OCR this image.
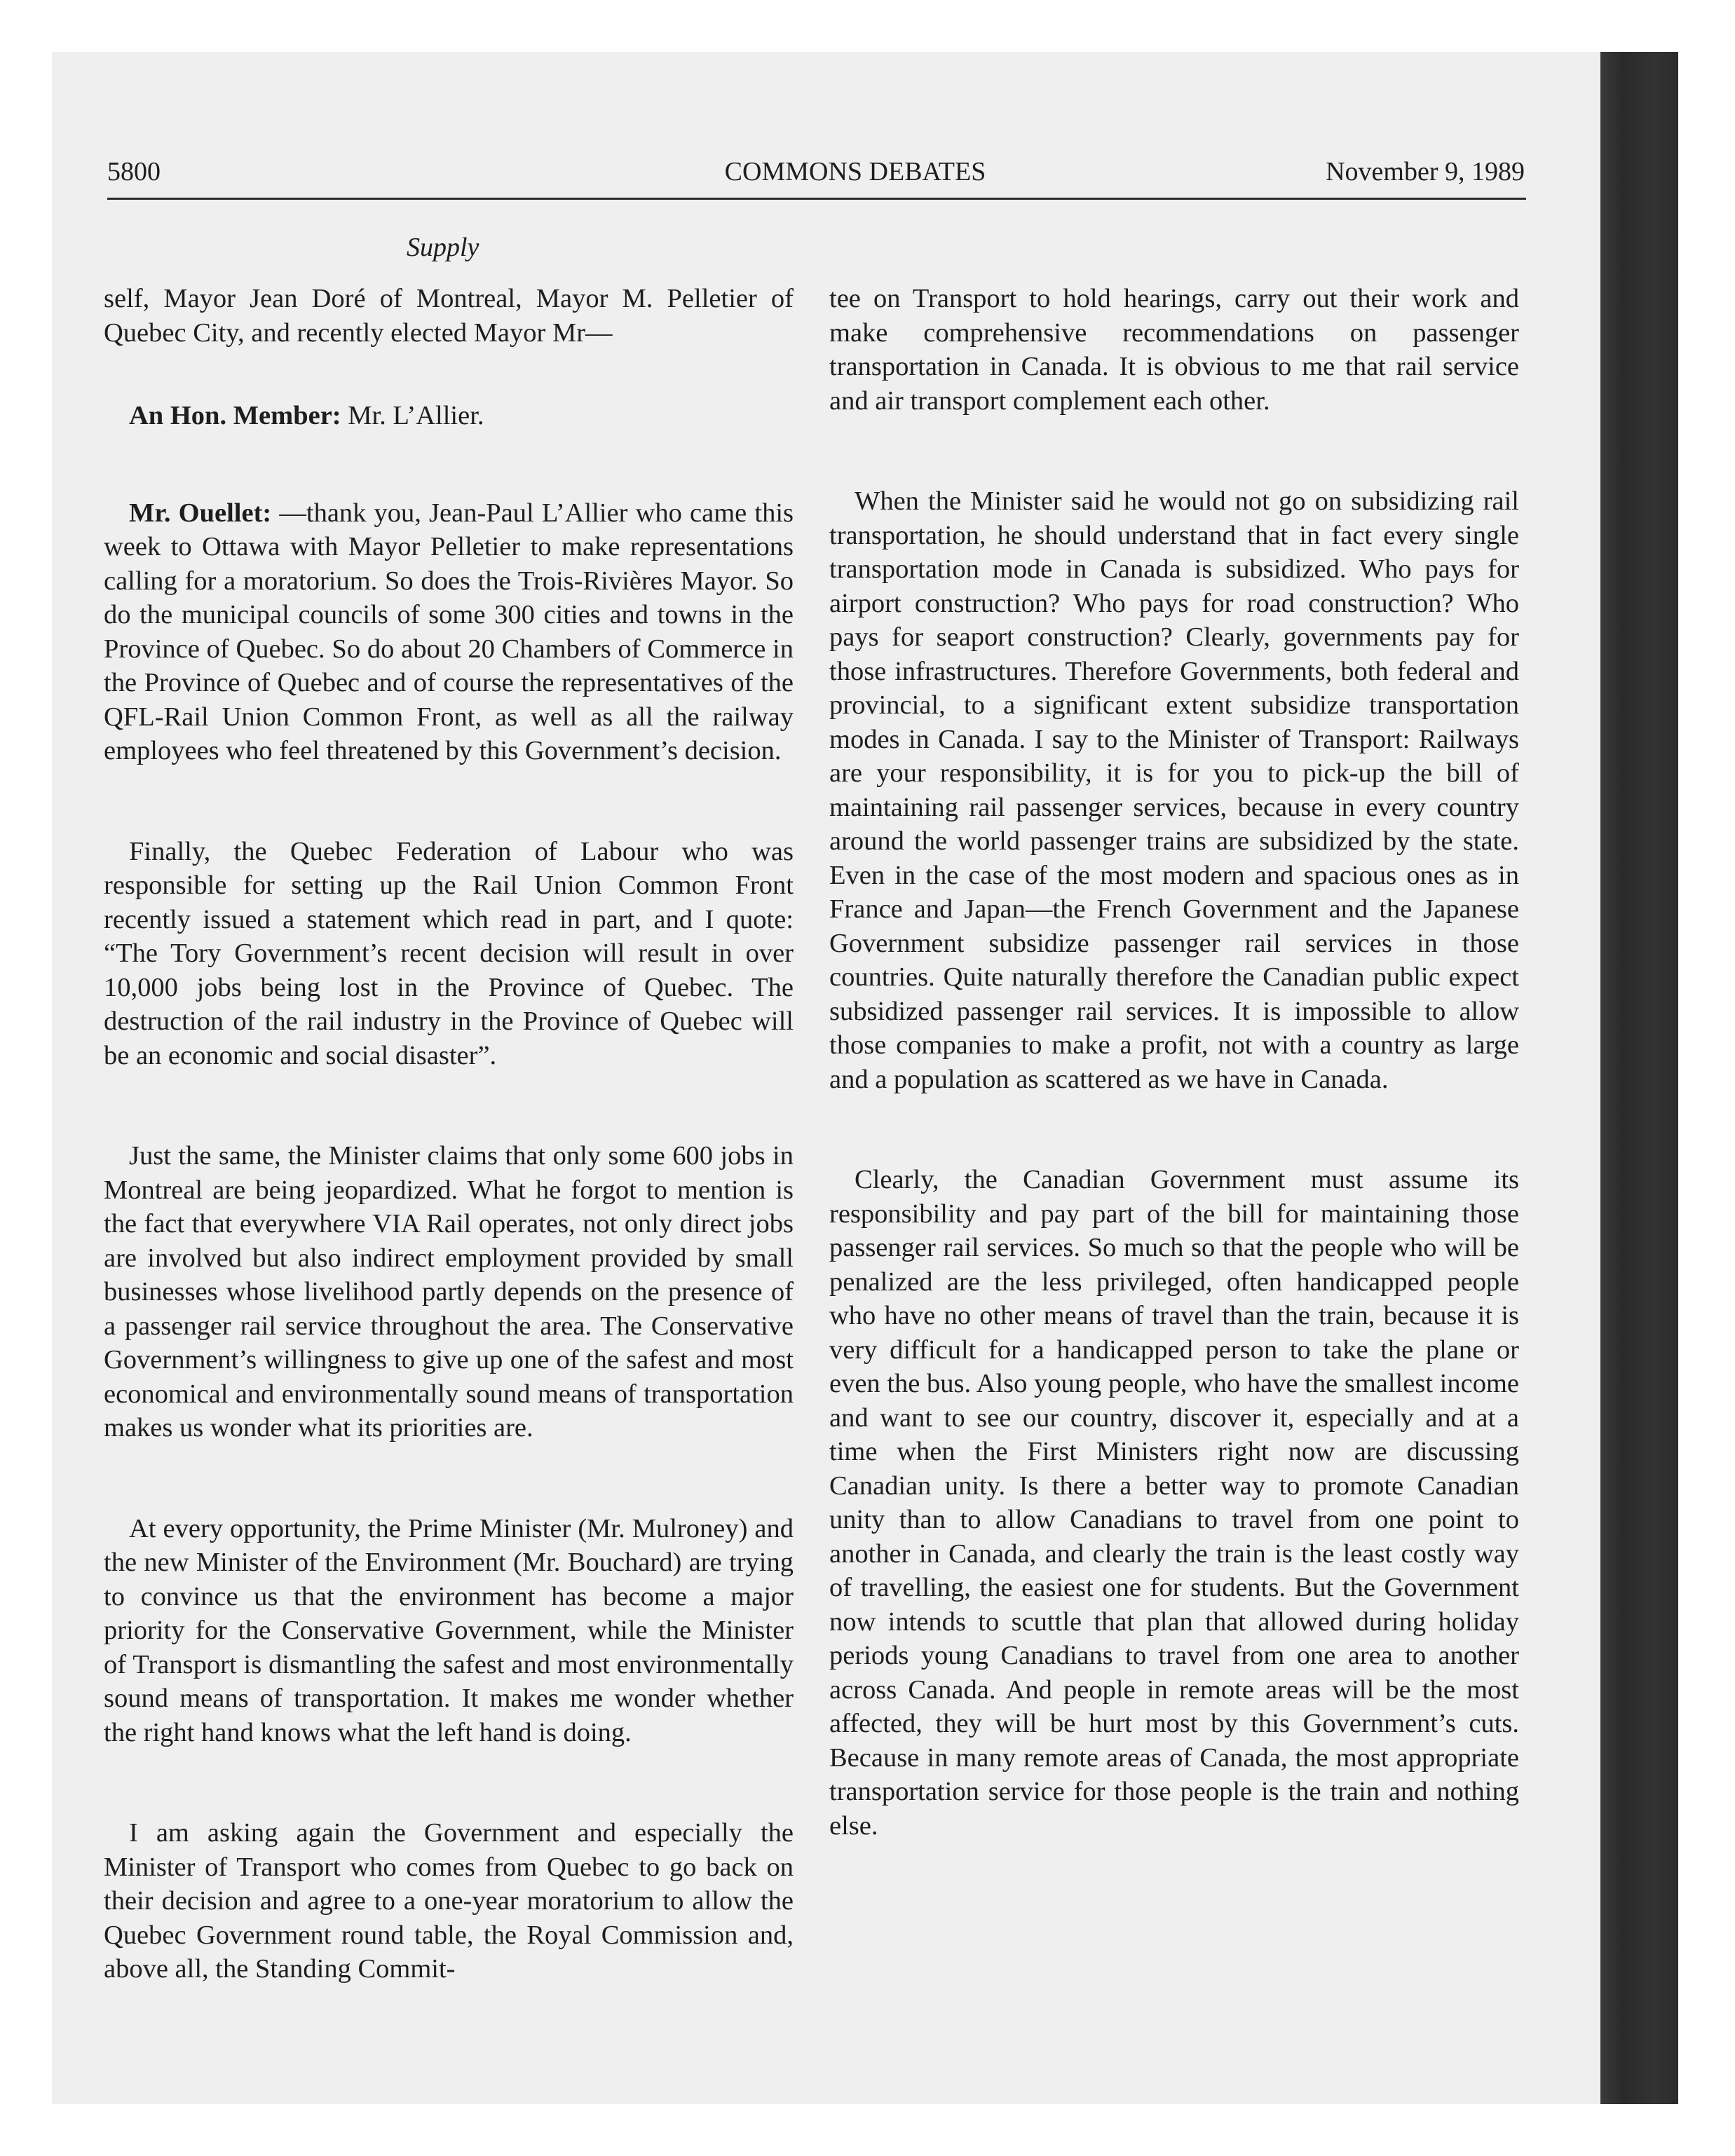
5800	COMMONS DEBATES	November 9, 1989
Supply

self, Mayor Jean Doré of Montreal, Mayor M. Pelletier of Quebec City, and recently elected Mayor Mr—

An Hon. Member: Mr. L’Allier.

Mr. Ouellet: —thank you, Jean-Paul L’Allier who came this week to Ottawa with Mayor Pelletier to make representations calling for a moratorium. So does the Trois-Rivières Mayor. So do the municipal councils of some 300 cities and towns in the Province of Quebec. So do about 20 Chambers of Commerce in the Province of Quebec and of course the representatives of the QFL-Rail Union Common Front, as well as all the railway employees who feel threatened by this Government’s decision.

Finally, the Quebec Federation of Labour who was responsible for setting up the Rail Union Common Front recently issued a statement which read in part, and I quote: “The Tory Government’s recent decision will result in over 10,000 jobs being lost in the Province of Quebec. The destruction of the rail industry in the Province of Quebec will be an economic and social disaster”.

Just the same, the Minister claims that only some 600 jobs in Montreal are being jeopardized. What he forgot to mention is the fact that everywhere VIA Rail operates, not only direct jobs are involved but also indirect employment provided by small businesses whose livelihood partly depends on the presence of a passenger rail service throughout the area. The Conservative Government’s willingness to give up one of the safest and most economical and environmentally sound means of transportation makes us wonder what its priorities are.

At every opportunity, the Prime Minister (Mr. Mulroney) and the new Minister of the Environment (Mr. Bouchard) are trying to convince us that the environment has become a major priority for the Conservative Government, while the Minister of Transport is dismantling the safest and most environmentally sound means of transportation. It makes me wonder whether the right hand knows what the left hand is doing.

I am asking again the Government and especially the Minister of Transport who comes from Quebec to go back on their decision and agree to a one-year moratorium to allow the Quebec Government round table, the Royal Commission and, above all, the Standing Commit-

tee on Transport to hold hearings, carry out their work and make comprehensive recommendations on passenger transportation in Canada. It is obvious to me that rail service and air transport complement each other.

When the Minister said he would not go on subsidizing rail transportation, he should understand that in fact every single transportation mode in Canada is subsidized. Who pays for airport construction? Who pays for road construction? Who pays for seaport construction? Clearly, governments pay for those infrastructures. Therefore Governments, both federal and provincial, to a significant extent subsidize transportation modes in Canada. I say to the Minister of Transport: Railways are your responsibility, it is for you to pick-up the bill of maintaining rail passenger services, because in every country around the world passenger trains are subsidized by the state. Even in the case of the most modern and spacious ones as in France and Japan—the French Government and the Japanese Government subsidize passenger rail services in those countries. Quite naturally therefore the Canadian public expect subsidized passenger rail services. It is impossible to allow those companies to make a profit, not with a country as large and a population as scattered as we have in Canada.

Clearly, the Canadian Government must assume its responsibility and pay part of the bill for maintaining those passenger rail services. So much so that the people who will be penalized are the less privileged, often handicapped people who have no other means of travel than the train, because it is very difficult for a handicapped person to take the plane or even the bus. Also young people, who have the smallest income and want to see our country, discover it, especially and at a time when the First Ministers right now are discussing Canadian unity. Is there a better way to promote Canadian unity than to allow Canadians to travel from one point to another in Canada, and clearly the train is the least costly way of travelling, the easiest one for students. But the Government now intends to scuttle that plan that allowed during holiday periods young Canadians to travel from one area to another across Canada. And people in remote areas will be the most affected, they will be hurt most by this Government’s cuts. Because in many remote areas of Canada, the most appropriate transportation service for those people is the train and nothing else.
